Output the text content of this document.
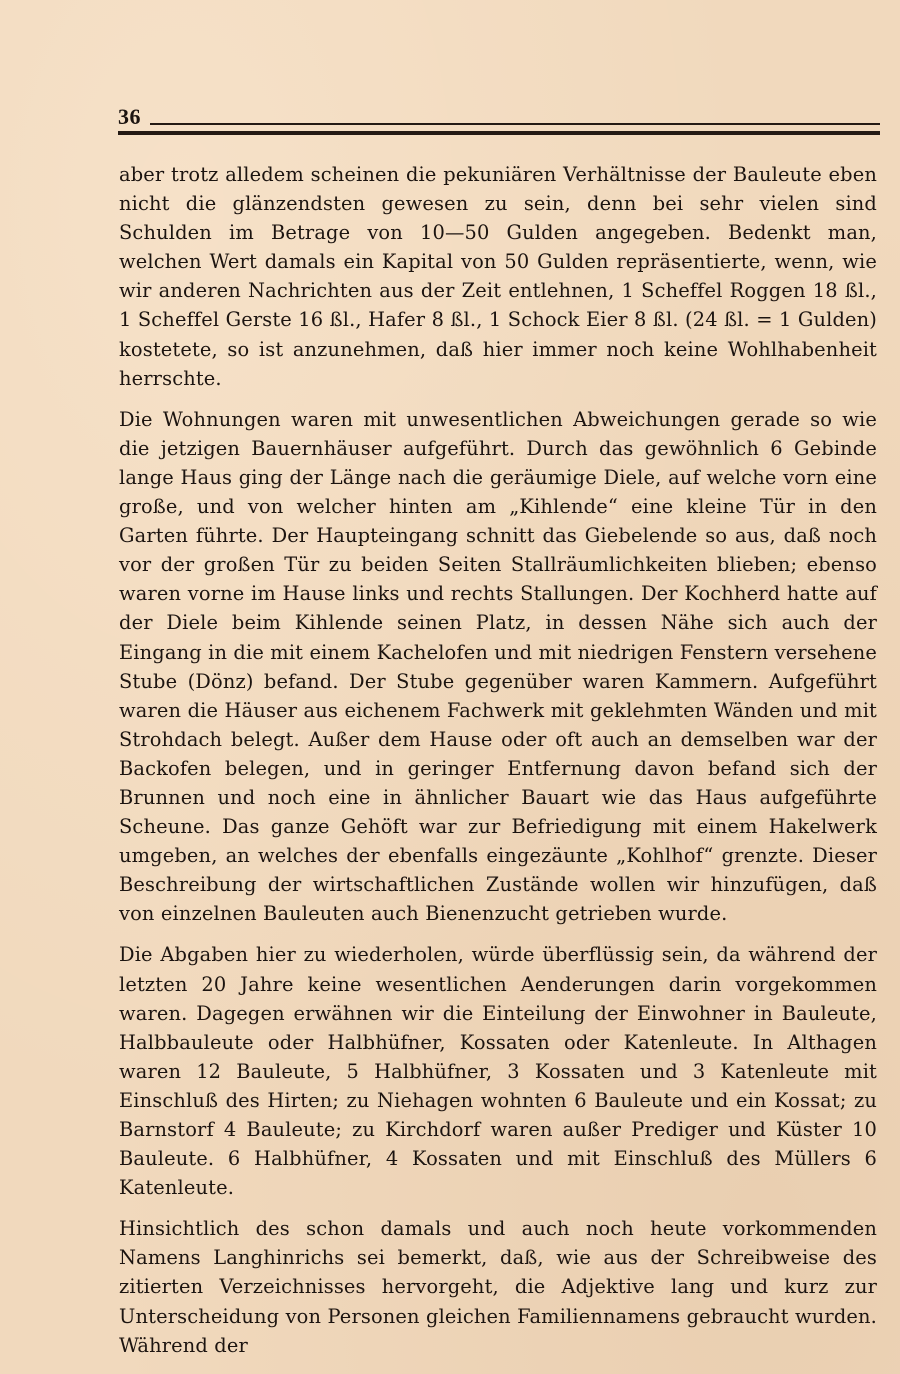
36

aber trotz alledem scheinen die pekuniären Verhältnisse der Bauleute eben nicht die glänzendsten gewesen zu sein, denn bei sehr vielen sind Schulden im Betrage von 10—50 Gulden angegeben. Bedenkt man, welchen Wert damals ein Kapital von 50 Gulden repräsentierte, wenn, wie wir anderen Nachrichten aus der Zeit entlehnen, 1 Scheffel Roggen 18 ßl., 1 Scheffel Gerste 16 ßl., Hafer 8 ßl., 1 Schock Eier 8 ßl. (24 ßl. = 1 Gulden) kostetete, so ist anzunehmen, daß hier immer noch keine Wohlhabenheit herrschte.

Die Wohnungen waren mit unwesentlichen Abweichungen gerade so wie die jetzigen Bauernhäuser aufgeführt. Durch das gewöhnlich 6 Gebinde lange Haus ging der Länge nach die geräumige Diele, auf welche vorn eine große, und von welcher hinten am „Kihlende“ eine kleine Tür in den Garten führte. Der Haupteingang schnitt das Giebelende so aus, daß noch vor der großen Tür zu beiden Seiten Stallräumlichkeiten blieben; ebenso waren vorne im Hause links und rechts Stallungen. Der Kochherd hatte auf der Diele beim Kihlende seinen Platz, in dessen Nähe sich auch der Eingang in die mit einem Kachelofen und mit niedrigen Fenstern versehene Stube (Dönz) befand. Der Stube gegenüber waren Kammern. Aufgeführt waren die Häuser aus eichenem Fachwerk mit geklehmten Wänden und mit Strohdach belegt. Außer dem Hause oder oft auch an demselben war der Backofen belegen, und in geringer Entfernung davon befand sich der Brunnen und noch eine in ähnlicher Bauart wie das Haus aufgeführte Scheune. Das ganze Gehöft war zur Befriedigung mit einem Hakelwerk umgeben, an welches der ebenfalls eingezäunte „Kohlhof“ grenzte. Dieser Beschreibung der wirtschaftlichen Zustände wollen wir hinzufügen, daß von einzelnen Bauleuten auch Bienenzucht getrieben wurde.

Die Abgaben hier zu wiederholen, würde überflüssig sein, da während der letzten 20 Jahre keine wesentlichen Aenderungen darin vorgekommen waren. Dagegen erwähnen wir die Einteilung der Einwohner in Bauleute, Halbbauleute oder Halbhüfner, Kossaten oder Katenleute. In Althagen waren 12 Bauleute, 5 Halbhüfner, 3 Kossaten und 3 Katenleute mit Einschluß des Hirten; zu Niehagen wohnten 6 Bauleute und ein Kossat; zu Barnstorf 4 Bauleute; zu Kirchdorf waren außer Prediger und Küster 10 Bauleute. 6 Halbhüfner, 4 Kossaten und mit Einschluß des Müllers 6 Katenleute.

Hinsichtlich des schon damals und auch noch heute vorkommenden Namens Langhinrichs sei bemerkt, daß, wie aus der Schreibweise des zitierten Verzeichnisses hervorgeht, die Adjektive lang und kurz zur Unterscheidung von Personen gleichen Familiennamens gebraucht wurden. Während der
